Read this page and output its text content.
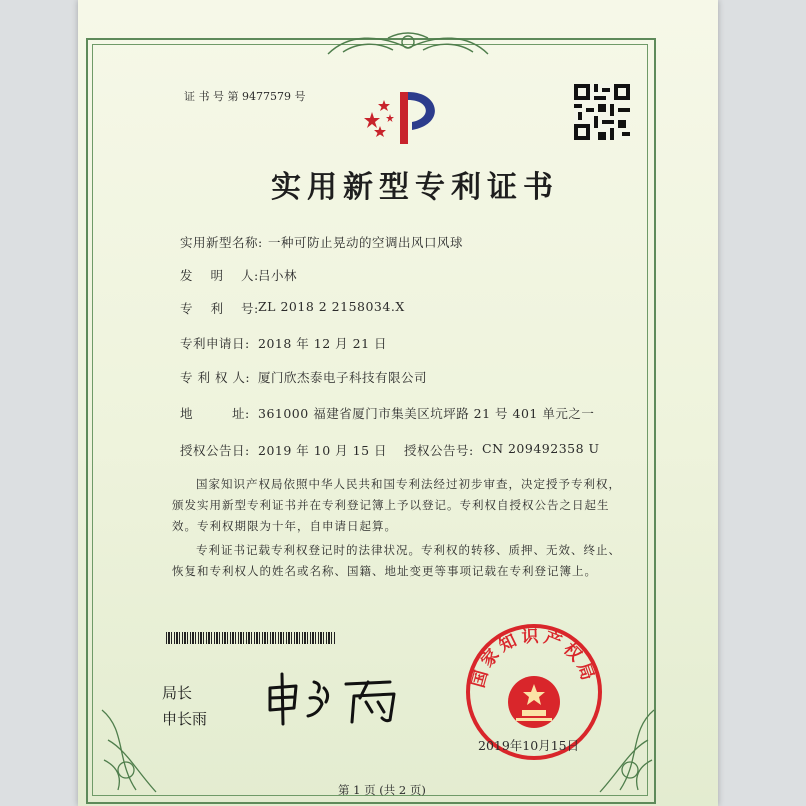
证 书 号 第 9477579 号
实用新型专利证书
实用新型名称: 一种可防止晃动的空调出风口风球
发　 明　 人: 吕小林
专　 利　 号: ZL 2018 2 2158034.X
专利申请日: 2018 年 12 月 21 日
专 利 权 人: 厦门欣杰泰电子科技有限公司
地　　　址: 361000 福建省厦门市集美区坑坪路 21 号 401 单元之一
授权公告日: 2019 年 10 月 15 日 授权公告号: CN 209492358 U
国家知识产权局依照中华人民共和国专利法经过初步审查，决定授予专利权，颁发实用新型专利证书并在专利登记簿上予以登记。专利权自授权公告之日起生效。专利权期限为十年，自申请日起算。
专利证书记载专利权登记时的法律状况。专利权的转移、质押、无效、终止、恢复和专利权人的姓名或名称、国籍、地址变更等事项记载在专利登记簿上。
局长
申长雨
国家知识产权局
2019年10月15日
第 1 页 (共 2 页)
